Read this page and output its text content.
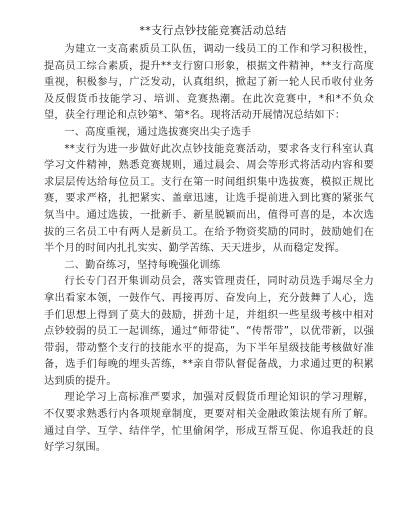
**支行点钞技能竞赛活动总结

为建立一支高素质员工队伍，调动一线员工的工作和学习积极性，提高员工综合素质，提升**支行窗口形象，根据文件精神，**支行高度重视，积极参与，广泛发动，认真组织，掀起了新一轮人民币收付业务及反假货币技能学习、培训、竞赛热潮。在此次竞赛中，*和*不负众望，获全行理论和点钞第*、第*名。现将活动开展情况总结如下：

一、高度重视，通过选拔赛突出尖子选手

**支行为进一步做好此次点钞技能竞赛活动，要求各支行科室认真学习文件精神，熟悉竞赛规则，通过晨会、周会等形式将活动内容和要求层层传达给每位员工。支行在第一时间组织集中选拔赛，模拟正规比赛，要求严格，扎把紧实、盖章迅速，让选手提前进入到比赛的紧张气氛当中。通过选拔，一批新手、新星脱颖而出，值得可喜的是，本次选拔的三名员工中有两人是新员工。在给予物资奖励的同时，鼓励她们在半个月的时间内扎扎实实、勤学苦练、天天进步，从而稳定发挥。

二、勤奋练习，坚持每晚强化训练

行长专门召开集训动员会，落实管理责任，同时动员选手竭尽全力拿出看家本领，一鼓作气、再接再厉、奋发向上，充分鼓舞了人心，选手们思想上得到了莫大的鼓励，拼劲十足，并组织一些星级考核中相对点钞较弱的员工一起训练，通过“师带徒”、“传帮带”，以优带新，以强带弱，带动整个支行的技能水平的提高，为下半年星级技能考核做好准备，选手们每晚的埋头苦练，**亲自带队督促备战，力求通过更的积累达到质的提升。

理论学习上高标准严要求，加强对反假货币理论知识的学习理解，不仅要求熟悉行内各项规章制度，更要对相关金融政策法规有所了解。通过自学、互学、结伴学，忙里偷闲学，形成互帮互促、你追我赶的良好学习氛围。
